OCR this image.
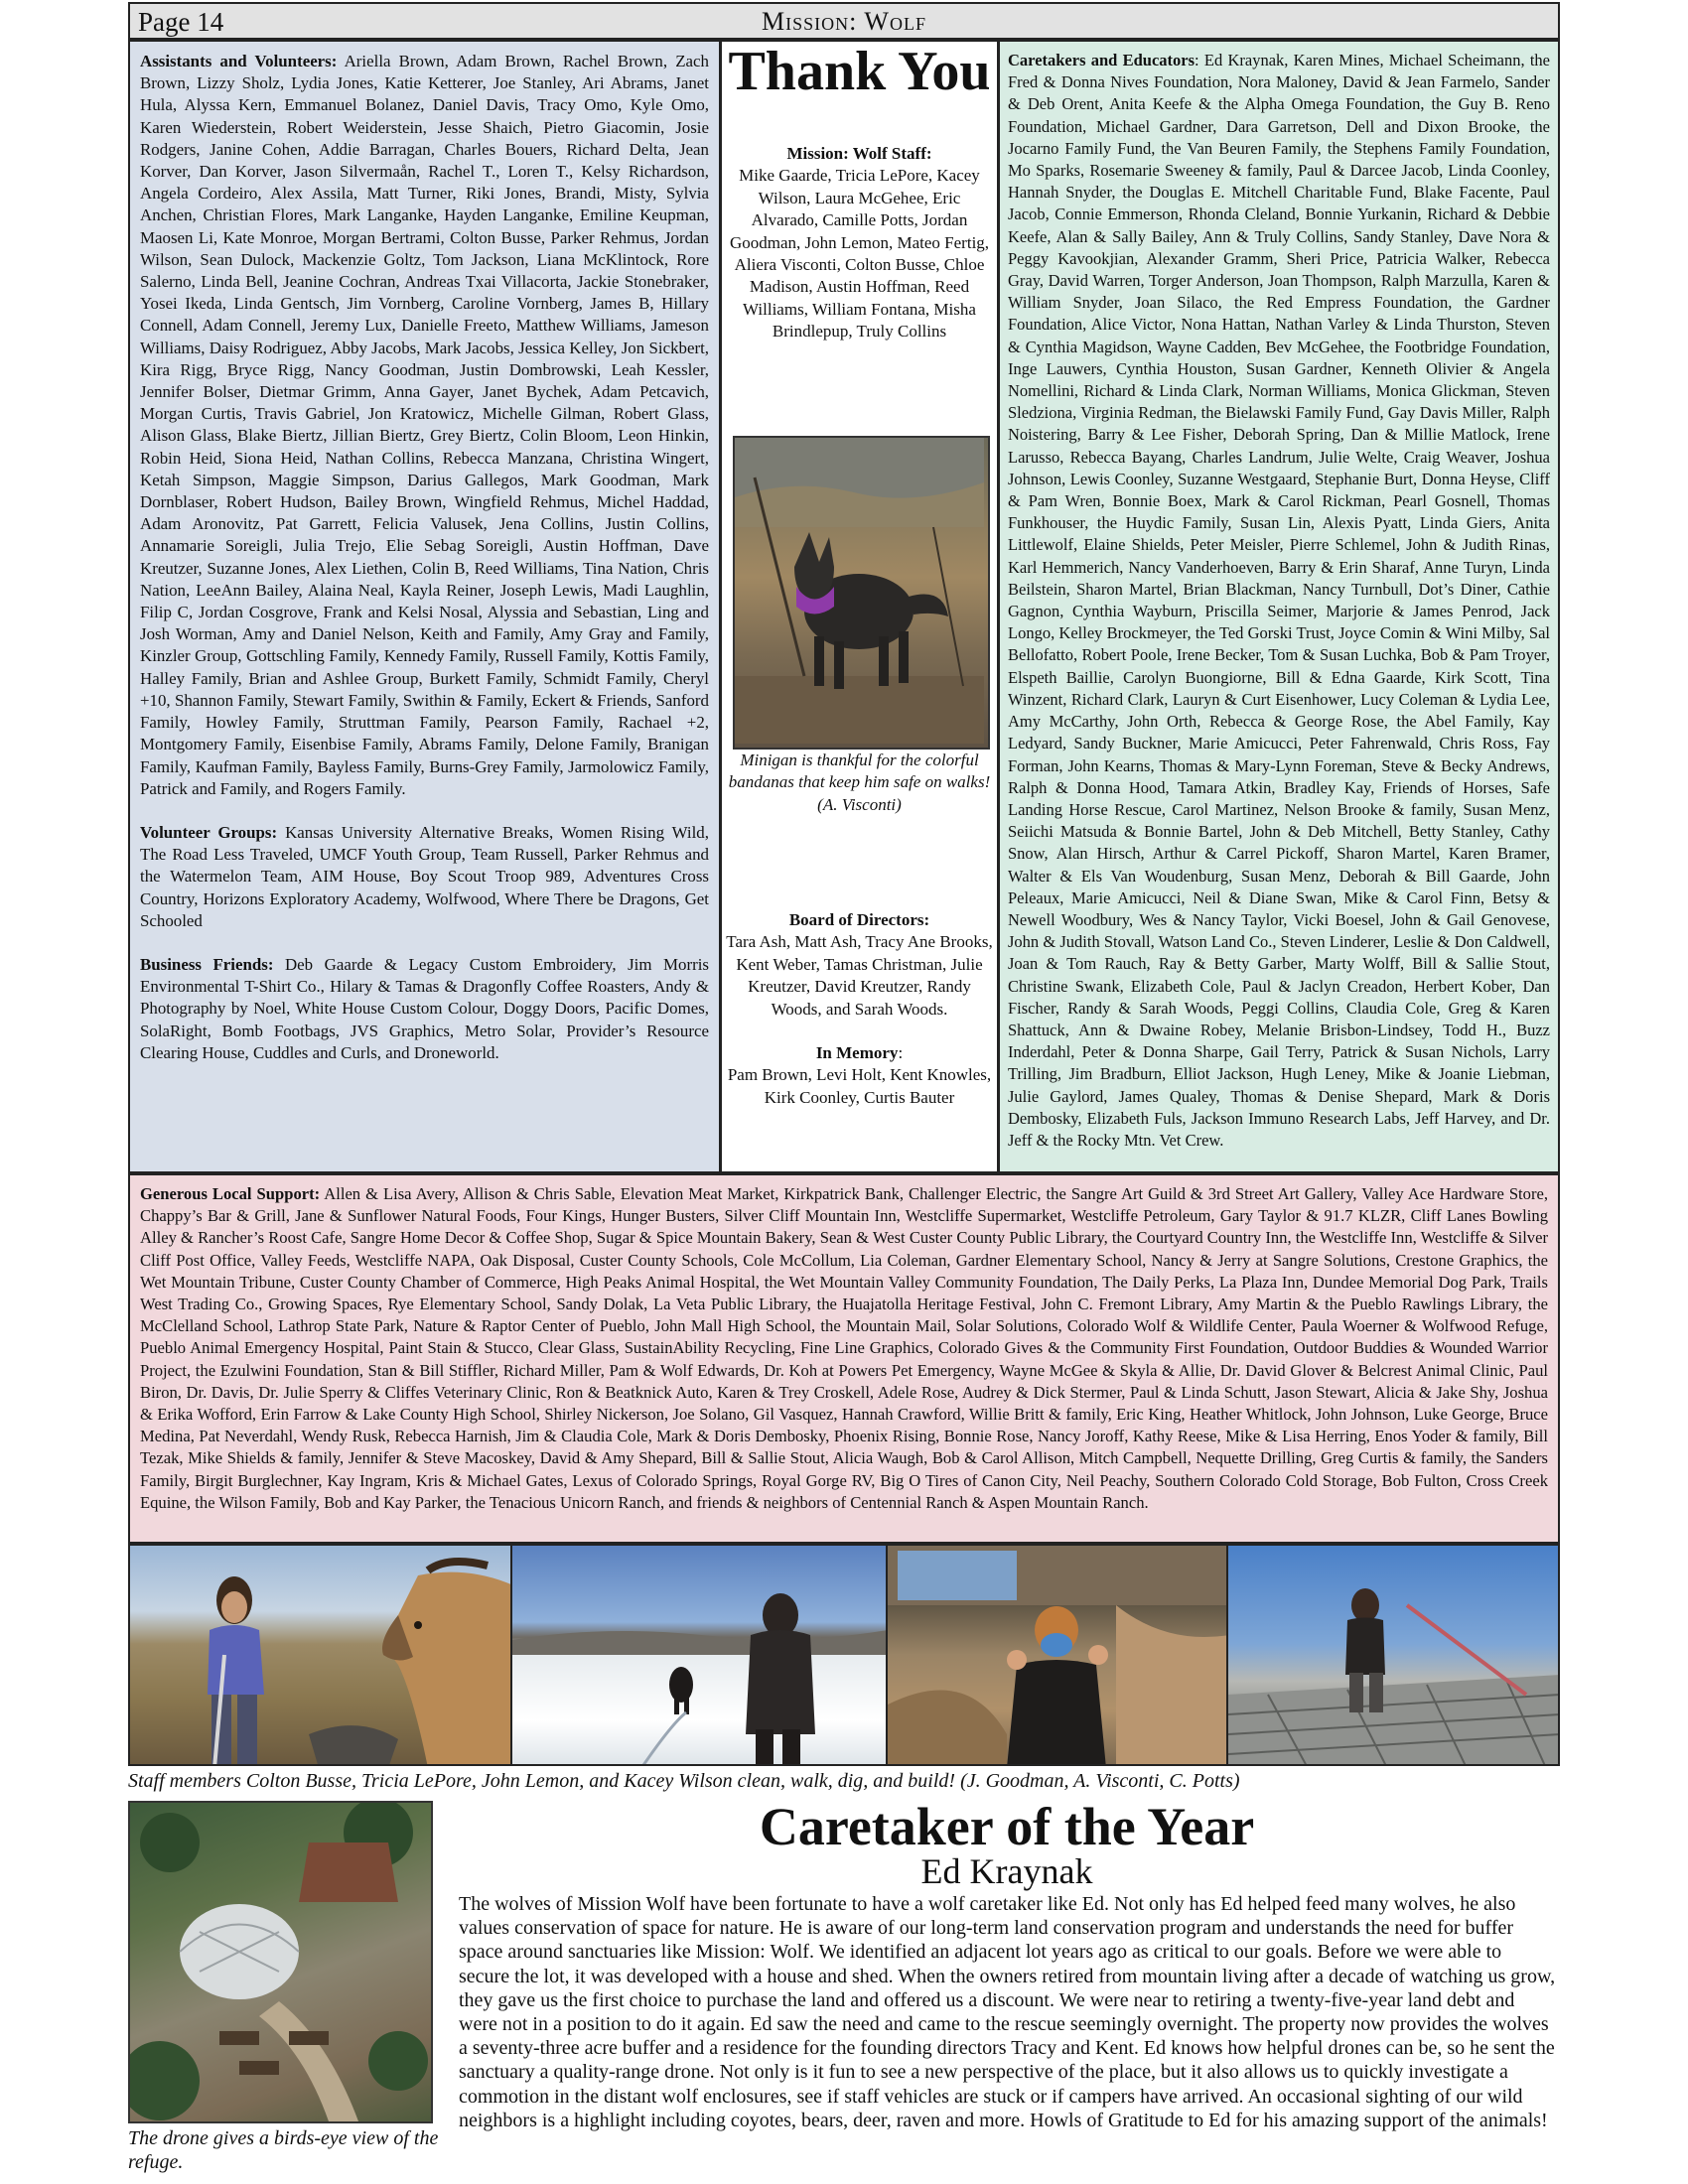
Page 14	Mission: Wolf

Assistants and Volunteers: Ariella Brown, Adam Brown, Rachel Brown, Zach Brown, Lizzy Sholz, Lydia Jones, Katie Ketterer, Joe Stanley, Ari Abrams, Janet Hula, Alyssa Kern, Emmanuel Bolanez, Daniel Davis, Tracy Omo, Kyle Omo, Karen Wiederstein, Robert Weiderstein, Jesse Shaich, Pietro Giacomin, Josie Rodgers, Janine Cohen, Addie Barragan, Charles Bouers, Richard Delta, Jean Korver, Dan Korver, Jason Silvermaån, Rachel T., Loren T., Kelsy Richardson, Angela Cordeiro, Alex Assila, Matt Turner, Riki Jones, Brandi, Misty, Sylvia Anchen, Christian Flores, Mark Langanke, Hayden Langanke, Emiline Keupman, Maosen Li, Kate Monroe, Morgan Bertrami, Colton Busse, Parker Rehmus, Jordan Wilson, Sean Dulock, Mackenzie Goltz, Tom Jackson, Liana McKlintock, Rore Salerno, Linda Bell, Jeanine Cochran, Andreas Txai Villacorta, Jackie Stonebraker, Yosei Ikeda, Linda Gentsch, Jim Vornberg, Caroline Vornberg, James B, Hillary Connell, Adam Connell, Jeremy Lux, Danielle Freeto, Matthew Williams, Jameson Williams, Daisy Rodriguez, Abby Jacobs, Mark Jacobs, Jessica Kelley, Jon Sickbert, Kira Rigg, Bryce Rigg, Nancy Goodman, Justin Dombrowski, Leah Kessler, Jennifer Bolser, Dietmar Grimm, Anna Gayer, Janet Bychek, Adam Petcavich, Morgan Curtis, Travis Gabriel, Jon Kratowicz, Michelle Gilman, Robert Glass, Alison Glass, Blake Biertz, Jillian Biertz, Grey Biertz, Colin Bloom, Leon Hinkin, Robin Heid, Siona Heid, Nathan Collins, Rebecca Manzana, Christina Wingert, Ketah Simpson, Maggie Simpson, Darius Gallegos, Mark Goodman, Mark Dornblaser, Robert Hudson, Bailey Brown, Wingfield Rehmus, Michel Haddad, Adam Aronovitz, Pat Garrett, Felicia Valusek, Jena Collins, Justin Collins, Annamarie Soreigli, Julia Trejo, Elie Sebag Soreigli, Austin Hoffman, Dave Kreutzer, Suzanne Jones, Alex Liethen, Colin B, Reed Williams, Tina Nation, Chris Nation, LeeAnn Bailey, Alaina Neal, Kayla Reiner, Joseph Lewis, Madi Laughlin, Filip C, Jordan Cosgrove, Frank and Kelsi Nosal, Alyssia and Sebastian, Ling and Josh Worman, Amy and Daniel Nelson, Keith and Family, Amy Gray and Family, Kinzler Group, Gottschling Family, Kennedy Family, Russell Family, Kottis Family, Halley Family, Brian and Ashlee Group, Burkett Family, Schmidt Family, Cheryl +10, Shannon Family, Stewart Family, Swithin & Family, Eckert & Friends, Sanford Family, Howley Family, Struttman Family, Pearson Family, Rachael +2, Montgomery Family, Eisenbise Family, Abrams Family, Delone Family, Branigan Family, Kaufman Family, Bayless Family, Burns-Grey Family, Jarmolowicz Family, Patrick and Family, and Rogers Family.

Volunteer Groups: Kansas University Alternative Breaks, Women Rising Wild, The Road Less Traveled, UMCF Youth Group, Team Russell, Parker Rehmus and the Watermelon Team, AIM House, Boy Scout Troop 989, Adventures Cross Country, Horizons Exploratory Academy, Wolfwood, Where There be Dragons, Get Schooled

Business Friends: Deb Gaarde & Legacy Custom Embroidery, Jim Morris Environmental T-Shirt Co., Hilary & Tamas & Dragonfly Coffee Roasters, Andy & Photography by Noel, White House Custom Colour, Doggy Doors, Pacific Domes, SolaRight, Bomb Footbags, JVS Graphics, Metro Solar, Provider’s Resource Clearing House, Cuddles and Curls, and Droneworld.

Thank You
Mission: Wolf Staff:
Mike Gaarde, Tricia LePore, Kacey Wilson, Laura McGehee, Eric Alvarado, Camille Potts, Jordan Goodman, John Lemon, Mateo Fertig, Aliera Visconti, Colton Busse, Chloe Madison, Austin Hoffman, Reed Williams, William Fontana, Misha Brindlepup, Truly Collins
Minigan is thankful for the colorful bandanas that keep him safe on walks! (A. Visconti)
Board of Directors:
Tara Ash, Matt Ash, Tracy Ane Brooks, Kent Weber, Tamas Christman, Julie Kreutzer, David Kreutzer, Randy Woods, and Sarah Woods.
In Memory:
Pam Brown, Levi Holt, Kent Knowles, Kirk Coonley, Curtis Bauter

Caretakers and Educators: Ed Kraynak, Karen Mines, Michael Scheimann, the Fred & Donna Nives Foundation, Nora Maloney, David & Jean Farmelo, Sander & Deb Orent, Anita Keefe & the Alpha Omega Foundation, the Guy B. Reno Foundation, Michael Gardner, Dara Garretson, Dell and Dixon Brooke, the Jocarno Family Fund, the Van Beuren Family, the Stephens Family Foundation, Mo Sparks, Rosemarie Sweeney & family, Paul & Darcee Jacob, Linda Coonley, Hannah Snyder, the Douglas E. Mitchell Charitable Fund, Blake Facente, Paul Jacob, Connie Emmerson, Rhonda Cleland, Bonnie Yurkanin, Richard & Debbie Keefe, Alan & Sally Bailey, Ann & Truly Collins, Sandy Stanley, Dave Nora & Peggy Kavookjian, Alexander Gramm, Sheri Price, Patricia Walker, Rebecca Gray, David Warren, Torger Anderson, Joan Thompson, Ralph Marzulla, Karen & William Snyder, Joan Silaco, the Red Empress Foundation, the Gardner Foundation, Alice Victor, Nona Hattan, Nathan Varley & Linda Thurston, Steven & Cynthia Magidson, Wayne Cadden, Bev McGehee, the Footbridge Foundation, Inge Lauwers, Cynthia Houston, Susan Gardner, Kenneth Olivier & Angela Nomellini, Richard & Linda Clark, Norman Williams, Monica Glickman, Steven Sledziona, Virginia Redman, the Bielawski Family Fund, Gay Davis Miller, Ralph Noistering, Barry & Lee Fisher, Deborah Spring, Dan & Millie Matlock, Irene Larusso, Rebecca Bayang, Charles Landrum, Julie Welte, Craig Weaver, Joshua Johnson, Lewis Coonley, Suzanne Westgaard, Stephanie Burt, Donna Heyse, Cliff & Pam Wren, Bonnie Boex, Mark & Carol Rickman, Pearl Gosnell, Thomas Funkhouser, the Huydic Family, Susan Lin, Alexis Pyatt, Linda Giers, Anita Littlewolf, Elaine Shields, Peter Meisler, Pierre Schlemel, John & Judith Rinas, Karl Hemmerich, Nancy Vanderhoeven, Barry & Erin Sharaf, Anne Turyn, Linda Beilstein, Sharon Martel, Brian Blackman, Nancy Turnbull, Dot’s Diner, Cathie Gagnon, Cynthia Wayburn, Priscilla Seimer, Marjorie & James Penrod, Jack Longo, Kelley Brockmeyer, the Ted Gorski Trust, Joyce Comin & Wini Milby, Sal Bellofatto, Robert Poole, Irene Becker, Tom & Susan Luchka, Bob & Pam Troyer, Elspeth Baillie, Carolyn Buongiorne, Bill & Edna Gaarde, Kirk Scott, Tina Winzent, Richard Clark, Lauryn & Curt Eisenhower, Lucy Coleman & Lydia Lee, Amy McCarthy, John Orth, Rebecca & George Rose, the Abel Family, Kay Ledyard, Sandy Buckner, Marie Amicucci, Peter Fahrenwald, Chris Ross, Fay Forman, John Kearns, Thomas & Mary-Lynn Foreman, Steve & Becky Andrews, Ralph & Donna Hood, Tamara Atkin, Bradley Kay, Friends of Horses, Safe Landing Horse Rescue, Carol Martinez, Nelson Brooke & family, Susan Menz, Seiichi Matsuda & Bonnie Bartel, John & Deb Mitchell, Betty Stanley, Cathy Snow, Alan Hirsch, Arthur & Carrel Pickoff, Sharon Martel, Karen Bramer, Walter & Els Van Woudenburg, Susan Menz, Deborah & Bill Gaarde, John Peleaux, Marie Amicucci, Neil & Diane Swan, Mike & Carol Finn, Betsy & Newell Woodbury, Wes & Nancy Taylor, Vicki Boesel, John & Gail Genovese, John & Judith Stovall, Watson Land Co., Steven Linderer, Leslie & Don Caldwell, Joan & Tom Rauch, Ray & Betty Garber, Marty Wolff, Bill & Sallie Stout, Christine Swank, Elizabeth Cole, Paul & Jaclyn Creadon, Herbert Kober, Dan Fischer, Randy & Sarah Woods, Peggi Collins, Claudia Cole, Greg & Karen Shattuck, Ann & Dwaine Robey, Melanie Brisbon-Lindsey, Todd H., Buzz Inderdahl, Peter & Donna Sharpe, Gail Terry, Patrick & Susan Nichols, Larry Trilling, Jim Bradburn, Elliot Jackson, Hugh Leney, Mike & Joanie Liebman, Julie Gaylord, James Qualey, Thomas & Denise Shepard, Mark & Doris Dembosky, Elizabeth Fuls, Jackson Immuno Research Labs, Jeff Harvey, and Dr. Jeff & the Rocky Mtn. Vet Crew.

Generous Local Support: Allen & Lisa Avery, Allison & Chris Sable, Elevation Meat Market, Kirkpatrick Bank, Challenger Electric, the Sangre Art Guild & 3rd Street Art Gallery, Valley Ace Hardware Store, Chappy’s Bar & Grill, Jane & Sunflower Natural Foods, Four Kings, Hunger Busters, Silver Cliff Mountain Inn, Westcliffe Supermarket, Westcliffe Petroleum, Gary Taylor & 91.7 KLZR, Cliff Lanes Bowling Alley & Rancher’s Roost Cafe, Sangre Home Decor & Coffee Shop, Sugar & Spice Mountain Bakery, Sean & West Custer County Public Library, the Courtyard Country Inn, the Westcliffe Inn, Westcliffe & Silver Cliff Post Office, Valley Feeds, Westcliffe NAPA, Oak Disposal, Custer County Schools, Cole McCollum, Lia Coleman, Gardner Elementary School, Nancy & Jerry at Sangre Solutions, Crestone Graphics, the Wet Mountain Tribune, Custer County Chamber of Commerce, High Peaks Animal Hospital, the Wet Mountain Valley Community Foundation, The Daily Perks, La Plaza Inn, Dundee Memorial Dog Park, Trails West Trading Co., Growing Spaces, Rye Elementary School, Sandy Dolak, La Veta Public Library, the Huajatolla Heritage Festival, John C. Fremont Library, Amy Martin & the Pueblo Rawlings Library, the McClelland School, Lathrop State Park, Nature & Raptor Center of Pueblo, John Mall High School, the Mountain Mail, Solar Solutions, Colorado Wolf & Wildlife Center, Paula Woerner & Wolfwood Refuge, Pueblo Animal Emergency Hospital, Paint Stain & Stucco, Clear Glass, SustainAbility Recycling, Fine Line Graphics, Colorado Gives & the Community First Foundation, Outdoor Buddies & Wounded Warrior Project, the Ezulwini Foundation, Stan & Bill Stiffler, Richard Miller, Pam & Wolf Edwards, Dr. Koh at Powers Pet Emergency, Wayne McGee & Skyla & Allie, Dr. David Glover & Belcrest Animal Clinic, Paul Biron, Dr. Davis, Dr. Julie Sperry & Cliffes Veterinary Clinic, Ron & Beatknick Auto, Karen & Trey Croskell, Adele Rose, Audrey & Dick Stermer, Paul & Linda Schutt, Jason Stewart, Alicia & Jake Shy, Joshua & Erika Wofford, Erin Farrow & Lake County High School, Shirley Nickerson, Joe Solano, Gil Vasquez, Hannah Crawford, Willie Britt & family, Eric King, Heather Whitlock, John Johnson, Luke George, Bruce Medina, Pat Neverdahl, Wendy Rusk, Rebecca Harnish, Jim & Claudia Cole, Mark & Doris Dembosky, Phoenix Rising, Bonnie Rose, Nancy Joroff, Kathy Reese, Mike & Lisa Herring, Enos Yoder & family, Bill Tezak, Mike Shields & family, Jennifer & Steve Macoskey, David & Amy Shepard, Bill & Sallie Stout, Alicia Waugh, Bob & Carol Allison, Mitch Campbell, Nequette Drilling, Greg Curtis & family, the Sanders Family, Birgit Burglechner, Kay Ingram, Kris & Michael Gates, Lexus of Colorado Springs, Royal Gorge RV, Big O Tires of Canon City, Neil Peachy, Southern Colorado Cold Storage, Bob Fulton, Cross Creek Equine, the Wilson Family, Bob and Kay Parker, the Tenacious Unicorn Ranch, and friends & neighbors of Centennial Ranch & Aspen Mountain Ranch.

Staff members Colton Busse, Tricia LePore, John Lemon, and Kacey Wilson clean, walk, dig, and build! (J. Goodman, A. Visconti, C. Potts)
The drone gives a birds-eye view of the refuge.
Caretaker of the Year
Ed Kraynak

The wolves of Mission Wolf have been fortunate to have a wolf caretaker like Ed. Not only has Ed helped feed many wolves, he also values conservation of space for nature. He is aware of our long-term land conservation program and understands the need for buffer space around sanctuaries like Mission: Wolf. We identified an adjacent lot years ago as critical to our goals. Before we were able to secure the lot, it was developed with a house and shed. When the owners retired from mountain living after a decade of watching us grow, they gave us the first choice to purchase the land and offered us a discount. We were near to retiring a twenty-five-year land debt and were not in a position to do it again. Ed saw the need and came to the rescue seemingly overnight. The property now provides the wolves a seventy-three acre buffer and a residence for the founding directors Tracy and Kent. Ed knows how helpful drones can be, so he sent the sanctuary a quality-range drone. Not only is it fun to see a new perspective of the place, but it also allows us to quickly investigate a commotion in the distant wolf enclosures, see if staff vehicles are stuck or if campers have arrived. An occasional sighting of our wild neighbors is a highlight including coyotes, bears, deer, raven and more. Howls of Gratitude to Ed for his amazing support of the animals!
